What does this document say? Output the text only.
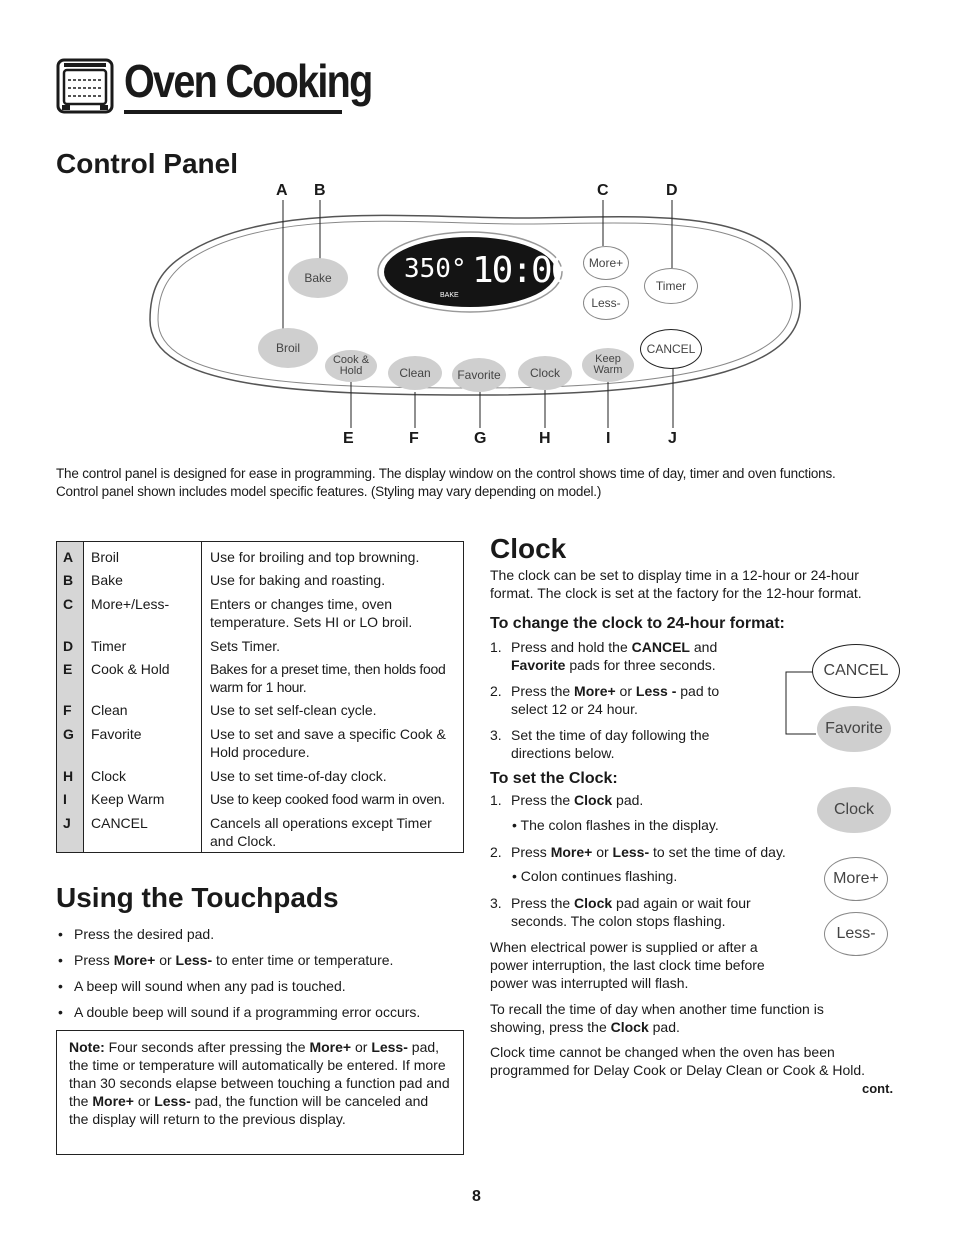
Oven Cooking
Control Panel
A B	C	D
E	F	G	H	I	J
350° 10:00
BAKE
Bake
Broil
Cook &
Hold	Clean Favorite Clock
Keep
Warm
More+
Less-
Timer
CANCEL
The control panel is designed for ease in programming. The display window on the control shows time of day, timer and oven functions.
Control panel shown includes model specific features. (Styling may vary depending on model.)
A Broil	Use for broiling and top browning.
B Bake	Use for baking and roasting.
C More+/Less-	Enters or changes time, oven
temperature. Sets HI or LO broil.
D Timer	Sets Timer.
E Cook & Hold	Bakes for a preset time, then holds food
warm for 1 hour.
F Clean	Use to set self-clean cycle.
G Favorite	Use to set and save a specific Cook &
Hold procedure.
H Clock	Use to set time-of-day clock.
I Keep Warm	Use to keep cooked food warm in oven.
J CANCEL	Cancels all operations except Timer
and Clock.
Using the Touchpads
• Press the desired pad.
• Press More+ or Less- to enter time or temperature.
• A beep will sound when any pad is touched.
• A double beep will sound if a programming error occurs.
Note: Four seconds after pressing the More+ or Less- pad, the time or temperature will automatically be entered. If more than 30 seconds elapse between touching a function pad and the More+ or Less- pad, the function will be canceled and the display will return to the previous display.
Clock
The clock can be set to display time in a 12-hour or 24-hour
format. The clock is set at the factory for the 12-hour format.
To change the clock to 24-hour format:
1. Press and hold the CANCEL and
Favorite pads for three seconds.
2. Press the More+ or Less - pad to
select 12 or 24 hour.
3. Set the time of day following the
directions below.
To set the Clock:
1. Press the Clock pad.
• The colon flashes in the display.
2. Press More+ or Less- to set the time of day.
• Colon continues flashing.
3. Press the Clock pad again or wait four
seconds. The colon stops flashing.
When electrical power is supplied or after a
power interruption, the last clock time before
power was interrupted will flash.
To recall the time of day when another time function is
showing, press the Clock pad.
Clock time cannot be changed when the oven has been
programmed for Delay Cook or Delay Clean or Cook & Hold.
cont.
CANCEL
Favorite
Clock
More+
Less-
8
